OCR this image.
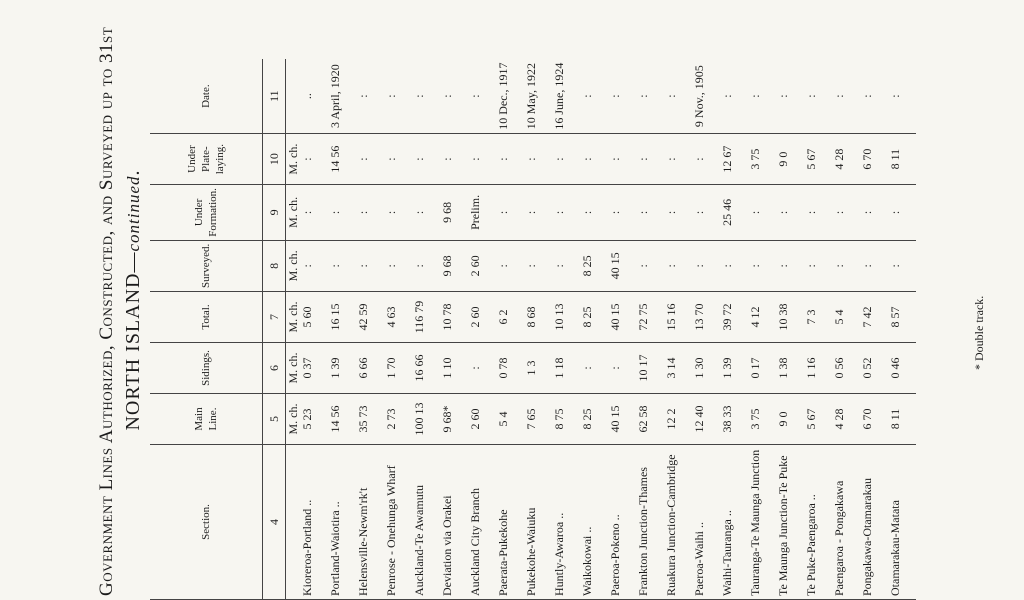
Government Lines Authorized, Constructed, and Surveyed up to 31st NORTH ISLAND—continued.
Section.	Main Line.	Sidings.	Total.	Surveyed.	Under Formation.	Under Plate-laying.	Date.
4	5	6	7	8	9	10	11
	M. ch.	M. ch.	M. ch.	M. ch.	M. ch.	M. ch.	
Kioreroa-Portland ..	5 23	0 37	5 60	:	:	:	..
Portland-Waiotira ..	14 56	1 39	16 15	:	:	14 56	3 April, 1920
Helensville-Newm'rk't	35 73	6 66	42 59	:	:	:	:
Penrose - Onehunga Wharf	2 73	1 70	4 63	:	:	:	:
Auckland-Te Awamutu	100 13	16 66	116 79	:	:	:	:
Deviation via Orakei	9 68*	1 10	10 78	9 68	9 68	:	:
Auckland City Branch	2 60	:	2 60	2 60	Prelim.	:	:
Paerata-Pukekohe	5 4	0 78	6 2	:	:	:	10 Dec., 1917
Pukekohe-Waiuku	7 65	1 3	8 68	:	:	:	10 May, 1922
Huntly-Awaroa ..	8 75	1 18	10 13	:	:	:	16 June, 1924
Waikokowai ..	8 25	:	8 25	8 25	:	:	:
Paeroa-Pokeno ..	40 15	:	40 15	40 15	:	:	:
Frankton Junction-Thames	62 58	10 17	72 75	:	:	:	:
Ruakura Junction-Cambridge	12 2	3 14	15 16	:	:	:	:
Paeroa-Waihi ..	12 40	1 30	13 70	:	:	:	9 Nov., 1905
Waihi-Tauranga ..	38 33	1 39	39 72	:	25 46	12 67	:
Tauranga-Te Maunga Junction	3 75	0 17	4 12	:	:	3 75	:
Te Maunga Junction-Te Puke	9 0	1 38	10 38	:	:	9 0	:
Te Puke-Paengaroa ..	5 67	1 16	7 3	:	:	5 67	:
Paengaroa - Pongakawa	4 28	0 56	5 4	:	:	4 28	:
Pongakawa-Otamarakau	6 70	0 52	7 42	:	:	6 70	:
Otamarakau-Matata	8 11	0 46	8 57	:	:	8 11	:
* Double track.
